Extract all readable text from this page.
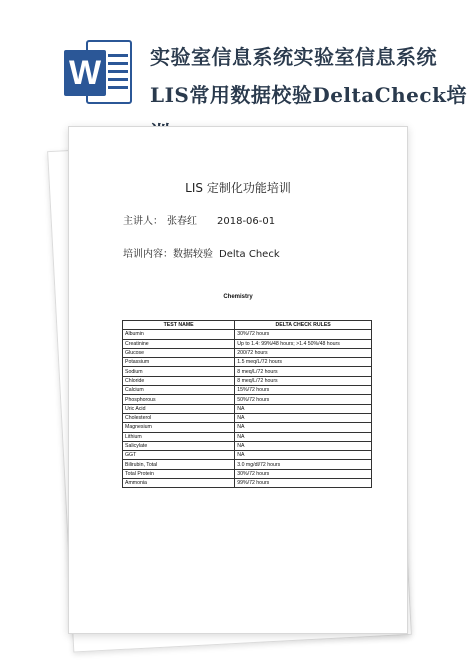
W 实验室信息系统实验室信息系统LIS常用数据校验DeltaCheck培
LIS 定制化功能培训
主讲人： 张春红 2018-06-01
培训内容：数据较验 Delta Check
Chemistry
TEST NAME	DELTA CHECK RULES
Albumin	30%/72 hours
Creatinine	Up to 1.4: 99%/48 hours; >1.4 50%/48 hours
Glucose	200/72 hours
Potassium	1.5 meq/L/72 hours
Sodium	8 meq/L/72 hours
Chloride	8 meq/L/72 hours
Calcium	15%/72 hours
Phosphorous	50%/72 hours
Uric Acid	NA
Cholesterol	NA
Magnesium	NA
Lithium	NA
Salicylate	NA
GGT	NA
Bilirubin, Total	3.0 mg/dl/72 hours
Total Protein	30%/72 hours
Ammonia	99%/72 hours
